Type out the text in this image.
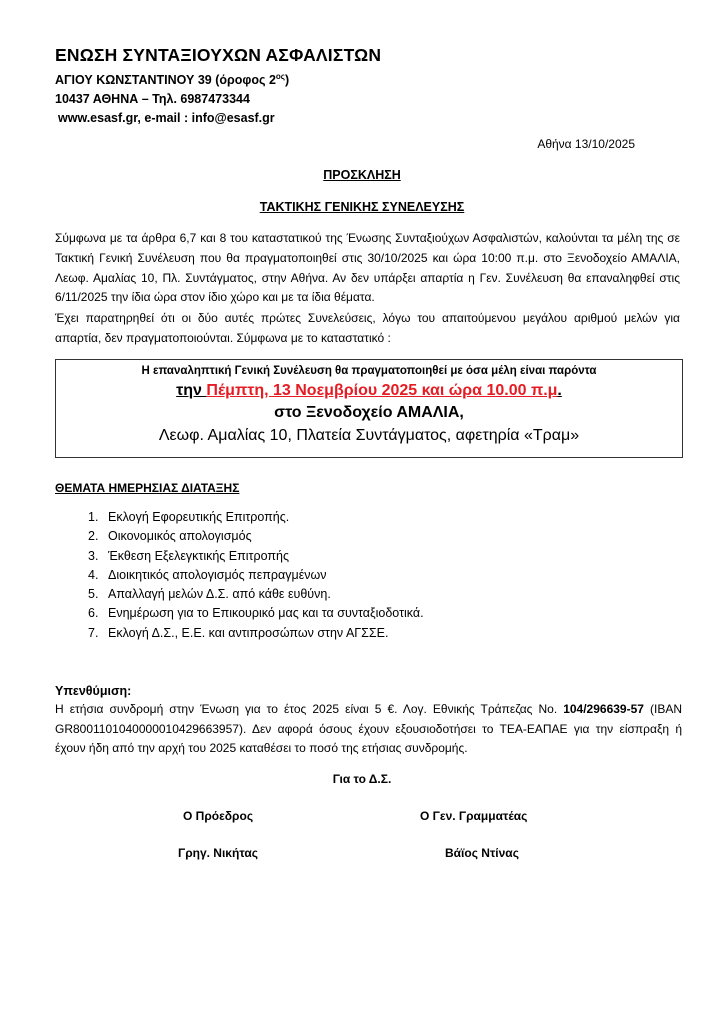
ΕΝΩΣΗ ΣΥΝΤΑΞΙΟΥΧΩΝ ΑΣΦΑΛΙΣΤΩΝ
ΑΓΙΟΥ ΚΩΝΣΤΑΝΤΙΝΟΥ 39 (όροφος $2^{o\varsigma}$)
10437 ΑΘΗΝΑ – Τηλ. 6987473344
www.esasf.gr, e-mail : info@esasf.gr
Αθήνα 13/10/2025
ΠΡΟΣΚΛΗΣΗ
ΤΑΚΤΙΚΗΣ ΓΕΝΙΚΗΣ ΣΥΝΕΛΕΥΣΗΣ
Σύμφωνα με τα άρθρα 6,7 και 8 του καταστατικού της Ένωσης Συνταξιούχων Ασφαλιστών, καλούνται τα μέλη της σε Τακτική Γενική Συνέλευση που θα πραγματοποιηθεί στις 30/10/2025 και ώρα 10:00 π.μ. στο Ξενοδοχείο ΑΜΑΛΙΑ, Λεωφ. Αμαλίας 10, Πλ. Συντάγματος, στην Αθήνα. Αν δεν υπάρξει απαρτία η Γεν. Συνέλευση θα επαναληφθεί στις 6/11/2025 την ίδια ώρα στον ίδιο χώρο και με τα ίδια θέματα.
Έχει παρατηρηθεί ότι οι δύο αυτές πρώτες Συνελεύσεις, λόγω του απαιτούμενου μεγάλου αριθμού μελών για απαρτία, δεν πραγματοποιούνται. Σύμφωνα με το καταστατικό :
Η επαναληπτική Γενική Συνέλευση θα πραγματοποιηθεί με όσα μέλη είναι παρόντα
την Πέμπτη, 13 Νοεμβρίου 2025 και ώρα 10.00 π.μ.
στο Ξενοδοχείο ΑΜΑΛΙΑ,
Λεωφ. Αμαλίας 10, Πλατεία Συντάγματος, αφετηρία «Τραμ»
ΘΕΜΑΤΑ ΗΜΕΡΗΣΙΑΣ ΔΙΑΤΑΞΗΣ
1. Εκλογή Εφορευτικής Επιτροπής.
2. Οικονομικός απολογισμός
3. Έκθεση Εξελεγκτικής Επιτροπής
4. Διοικητικός απολογισμός πεπραγμένων
5. Απαλλαγή μελών Δ.Σ. από κάθε ευθύνη.
6. Ενημέρωση για το Επικουρικό μας και τα συνταξιοδοτικά.
7. Εκλογή Δ.Σ., Ε.Ε. και αντιπροσώπων στην ΑΓΣΣΕ.
Υπενθύμιση:
Η ετήσια συνδρομή στην Ένωση για το έτος 2025 είναι 5 €. Λογ. Εθνικής Τράπεζας Νο. 104/296639-57 (IBAN GR8001101040000010429663957). Δεν αφορά όσους έχουν εξουσιοδοτήσει το ΤΕΑ-ΕΑΠΑΕ για την είσπραξη ή έχουν ήδη από την αρχή του 2025 καταθέσει το ποσό της ετήσιας συνδρομής.
Για το Δ.Σ.
Ο Πρόεδρος	Ο Γεν. Γραμματέας
Γρηγ. Νικήτας	Βάϊος Ντίνας
